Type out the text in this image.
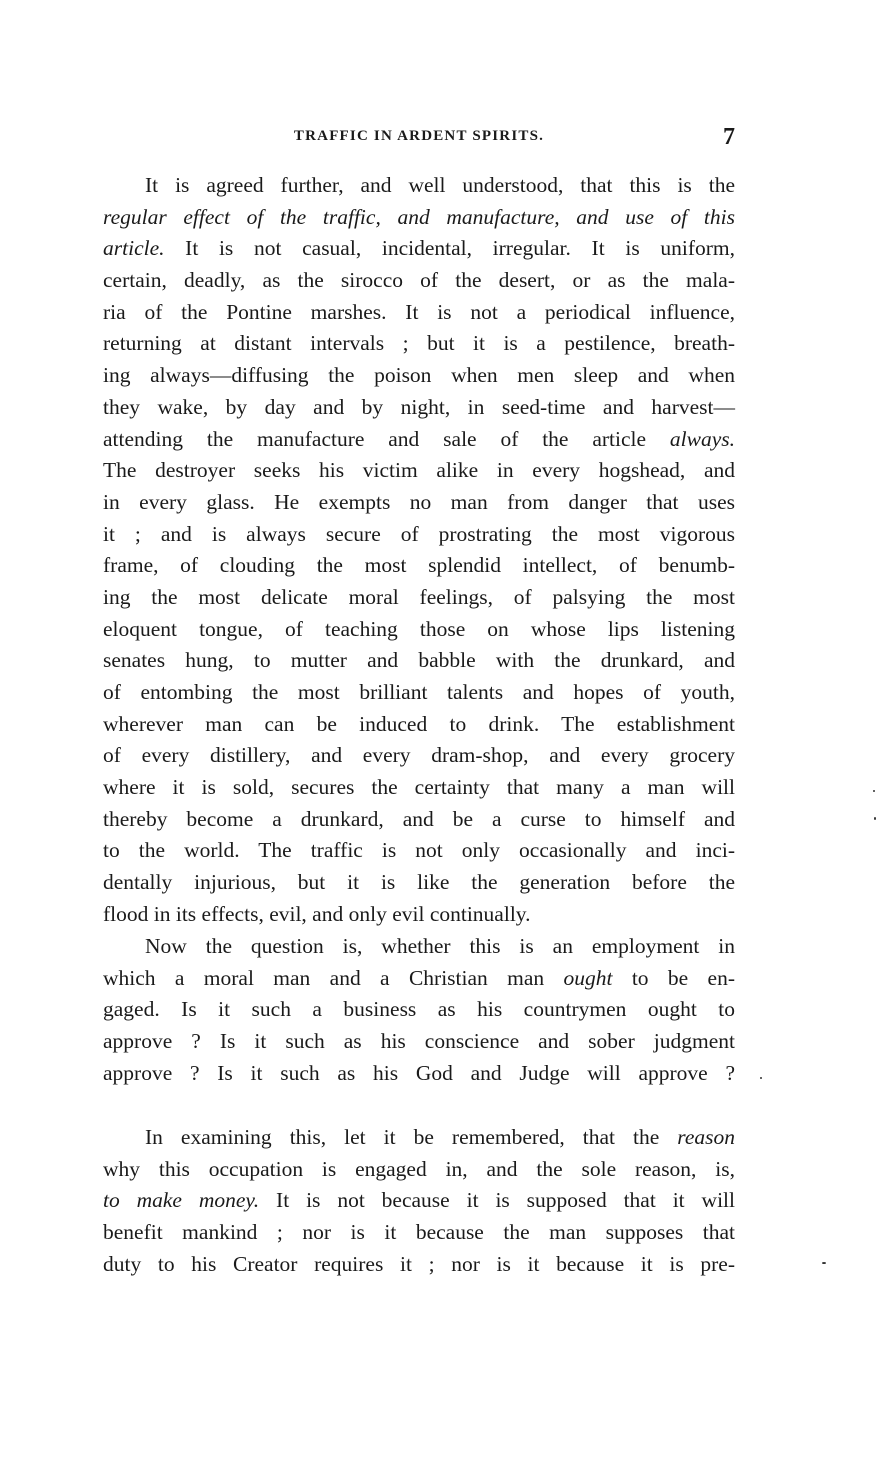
TRAFFIC IN ARDENT SPIRITS.	7
It is agreed further, and well understood, that this is the
regular effect of the traffic, and manufacture, and use of this
article. It is not casual, incidental, irregular. It is uniform,
certain, deadly, as the sirocco of the desert, or as the mala-
ria of the Pontine marshes. It is not a periodical influence,
returning at distant intervals ; but it is a pestilence, breath-
ing always—diffusing the poison when men sleep and when
they wake, by day and by night, in seed-time and harvest—
attending the manufacture and sale of the article always.
The destroyer seeks his victim alike in every hogshead, and
in every glass. He exempts no man from danger that uses
it ; and is always secure of prostrating the most vigorous
frame, of clouding the most splendid intellect, of benumb-
ing the most delicate moral feelings, of palsying the most
eloquent tongue, of teaching those on whose lips listening
senates hung, to mutter and babble with the drunkard, and
of entombing the most brilliant talents and hopes of youth,
wherever man can be induced to drink. The establishment
of every distillery, and every dram-shop, and every grocery
where it is sold, secures the certainty that many a man will
thereby become a drunkard, and be a curse to himself and
to the world. The traffic is not only occasionally and inci-
dentally injurious, but it is like the generation before the
flood in its effects, evil, and only evil continually.
Now the question is, whether this is an employment in
which a moral man and a Christian man ought to be en-
gaged. Is it such a business as his countrymen ought to
approve ? Is it such as his conscience and sober judgment
approve ? Is it such as his God and Judge will approve ?
In examining this, let it be remembered, that the reason
why this occupation is engaged in, and the sole reason, is,
to make money. It is not because it is supposed that it will
benefit mankind ; nor is it because the man supposes that
duty to his Creator requires it ; nor is it because it is pre-
